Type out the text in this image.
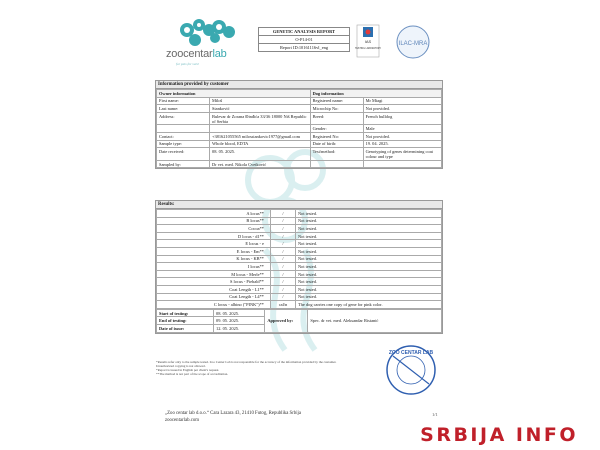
zoocentarlab
for pets for vets!
GENETIC ANALYSIS REPORT
O-P14-01
Report ID:10161116vl_eng
IAS
TESTING LABORATORY
ILAC-MRA
Information provided by customer
Owner information		Dog information	
First name:	Miloš	Registered name:	Mr Miagi
Last name:	Stanković	Microchip No:	Not provided.
Address:	Bulevar dr Zorana Đinđića 33/36 18000 Niš Republic of Serbia	Breed:	French bulldog
		Gender:	Male
Contact:	+381621055565 milosstankovic1977@gmail.com	Registered No:	Not provided.
Sample type:	Whole blood, EDTA	Date of birth:	19. 04. 2025.
Date received:	08. 05. 2025.	Test/method:	Genotyping of genes determining coat colour and type
Sampled by:	Dr vet. med. Nikola Cvetković		
Results:
A locus**	/	Not tested.
B locus**	/	Not tested.
Cocoa**	/	Not tested.
D locus - d1**	/	Not tested.
E locus - e	/	Not tested.
E locus - Em**	/	Not tested.
K locus - KB**	/	Not tested.
I locus**	/	Not tested.
M locus - Merle**	/	Not tested.
S locus - Piebald**	/	Not tested.
Coat Length - L1**	/	Not tested.
Coat Length - L4**	/	Not tested.
C locus - albino ("PINK")**	cal/n	The dog carries one copy of gene for pink color.
Start of testing:	08. 05. 2025.	Approved by:	Spec. dr vet. med. Aleksandar Ristanić
End of testing:	09. 05. 2025.		
Date of issue:	12. 05. 2025.		
ZOO CENTAR LAB
*Results refer only to the sample tested. Zoo Center Lab is not responsible for the accuracy of the information provided by the customer.
Unauthorized copying is not allowed.
*Report is issued in English per client's request.
**The method is not part of the scope of accreditation.
„Zoo centar lab d.o.o.“ Cara Lazara 43, 21410 Futog, Republika Srbija
zoocentarlab.com
1/1
SRBIJA INFO
